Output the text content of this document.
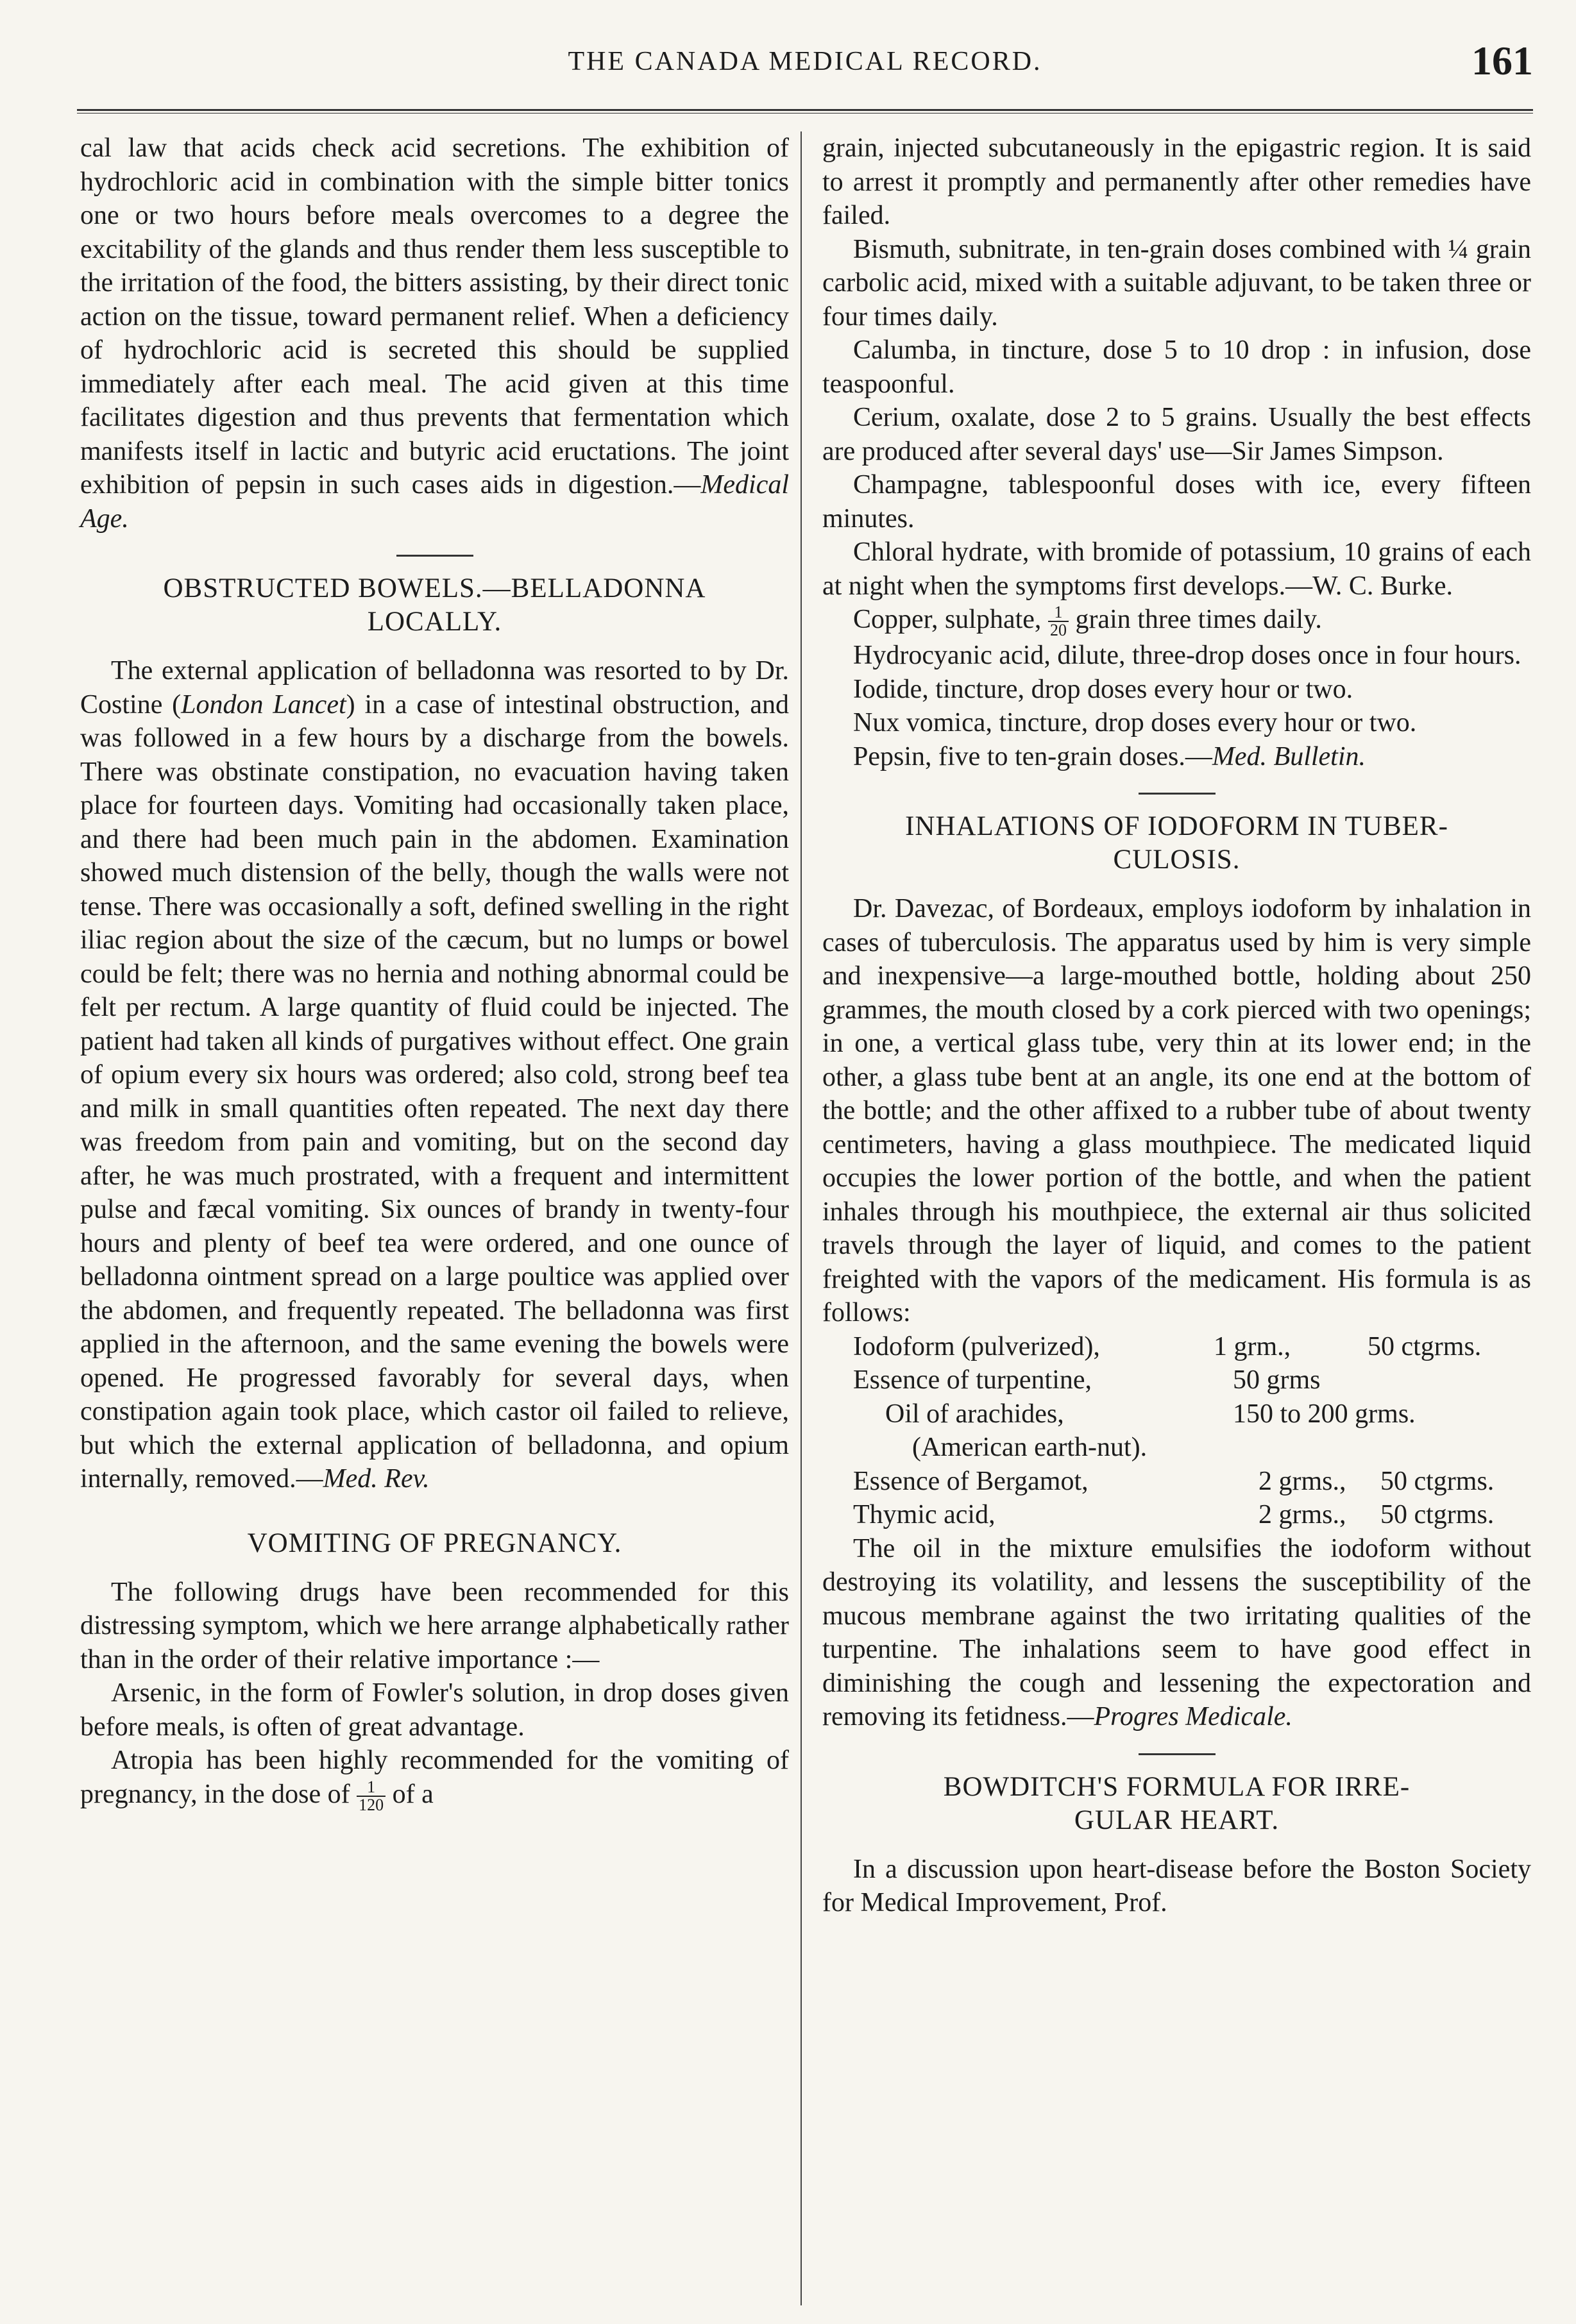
THE CANADA MEDICAL RECORD.	161

cal law that acids check acid secretions. The exhibition of hydrochloric acid in combination with the simple bitter tonics one or two hours before meals overcomes to a degree the excitability of the glands and thus render them less susceptible to the irritation of the food, the bitters assisting, by their direct tonic action on the tissue, toward permanent relief. When a deficiency of hydrochloric acid is secreted this should be supplied immediately after each meal. The acid given at this time facilitates digestion and thus prevents that fermentation which manifests itself in lactic and butyric acid eructations. The joint exhibition of pepsin in such cases aids in digestion.—Medical Age.

OBSTRUCTED BOWELS.—BELLADONNA
LOCALLY.

The external application of belladonna was resorted to by Dr. Costine (London Lancet) in a case of intestinal obstruction, and was followed in a few hours by a discharge from the bowels. There was obstinate constipation, no evacuation having taken place for fourteen days. Vomiting had occasionally taken place, and there had been much pain in the abdomen. Examination showed much distension of the belly, though the walls were not tense. There was occasionally a soft, defined swelling in the right iliac region about the size of the cæcum, but no lumps or bowel could be felt; there was no hernia and nothing abnormal could be felt per rectum. A large quantity of fluid could be injected. The patient had taken all kinds of purgatives without effect. One grain of opium every six hours was ordered; also cold, strong beef tea and milk in small quantities often repeated. The next day there was freedom from pain and vomiting, but on the second day after, he was much prostrated, with a frequent and intermittent pulse and fæcal vomiting. Six ounces of brandy in twenty-four hours and plenty of beef tea were ordered, and one ounce of belladonna ointment spread on a large poultice was applied over the abdomen, and frequently repeated. The belladonna was first applied in the afternoon, and the same evening the bowels were opened. He progressed favorably for several days, when constipation again took place, which castor oil failed to relieve, but which the external application of belladonna, and opium internally, removed.—Med. Rev.

VOMITING OF PREGNANCY.

The following drugs have been recommended for this distressing symptom, which we here arrange alphabetically rather than in the order of their relative importance :—

Arsenic, in the form of Fowler's solution, in drop doses given before meals, is often of great advantage.

Atropia has been highly recommended for the vomiting of pregnancy, in the dose of $\frac{1}{120}$ of a

grain, injected subcutaneously in the epigastric region. It is said to arrest it promptly and permanently after other remedies have failed.

Bismuth, subnitrate, in ten-grain doses combined with ¼ grain carbolic acid, mixed with a suitable adjuvant, to be taken three or four times daily.

Calumba, in tincture, dose 5 to 10 drop : in infusion, dose teaspoonful.

Cerium, oxalate, dose 2 to 5 grains. Usually the best effects are produced after several days' use—Sir James Simpson.

Champagne, tablespoonful doses with ice, every fifteen minutes.

Chloral hydrate, with bromide of potassium, 10 grains of each at night when the symptoms first develops.—W. C. Burke.

Copper, sulphate, $\frac{1}{20}$ grain three times daily.

Hydrocyanic acid, dilute, three-drop doses once in four hours.

Iodide, tincture, drop doses every hour or two.

Nux vomica, tincture, drop doses every hour or two.

Pepsin, five to ten-grain doses.—Med. Bulletin.

INHALATIONS OF IODOFORM IN TUBER-
CULOSIS.

Dr. Davezac, of Bordeaux, employs iodoform by inhalation in cases of tuberculosis. The apparatus used by him is very simple and inexpensive—a large-mouthed bottle, holding about 250 grammes, the mouth closed by a cork pierced with two openings; in one, a vertical glass tube, very thin at its lower end; in the other, a glass tube bent at an angle, its one end at the bottom of the bottle; and the other affixed to a rubber tube of about twenty centimeters, having a glass mouthpiece. The medicated liquid occupies the lower portion of the bottle, and when the patient inhales through his mouthpiece, the external air thus solicited travels through the layer of liquid, and comes to the patient freighted with the vapors of the medicament. His formula is as follows:

Iodoform (pulverized),	1 grm.,	50 ctgrms.
Essence of turpentine,	50 grms
Oil of arachides,	150 to 200 grms.
(American earth-nut).
Essence of Bergamot,	2 grms., 50 ctgrms.
Thymic acid,	2 grms., 50 ctgrms.

The oil in the mixture emulsifies the iodoform without destroying its volatility, and lessens the susceptibility of the mucous membrane against the two irritating qualities of the turpentine. The inhalations seem to have good effect in diminishing the cough and lessening the expectoration and removing its fetidness.—Progres Medicale.

BOWDITCH'S FORMULA FOR IRRE-
GULAR HEART.

In a discussion upon heart-disease before the Boston Society for Medical Improvement, Prof.
